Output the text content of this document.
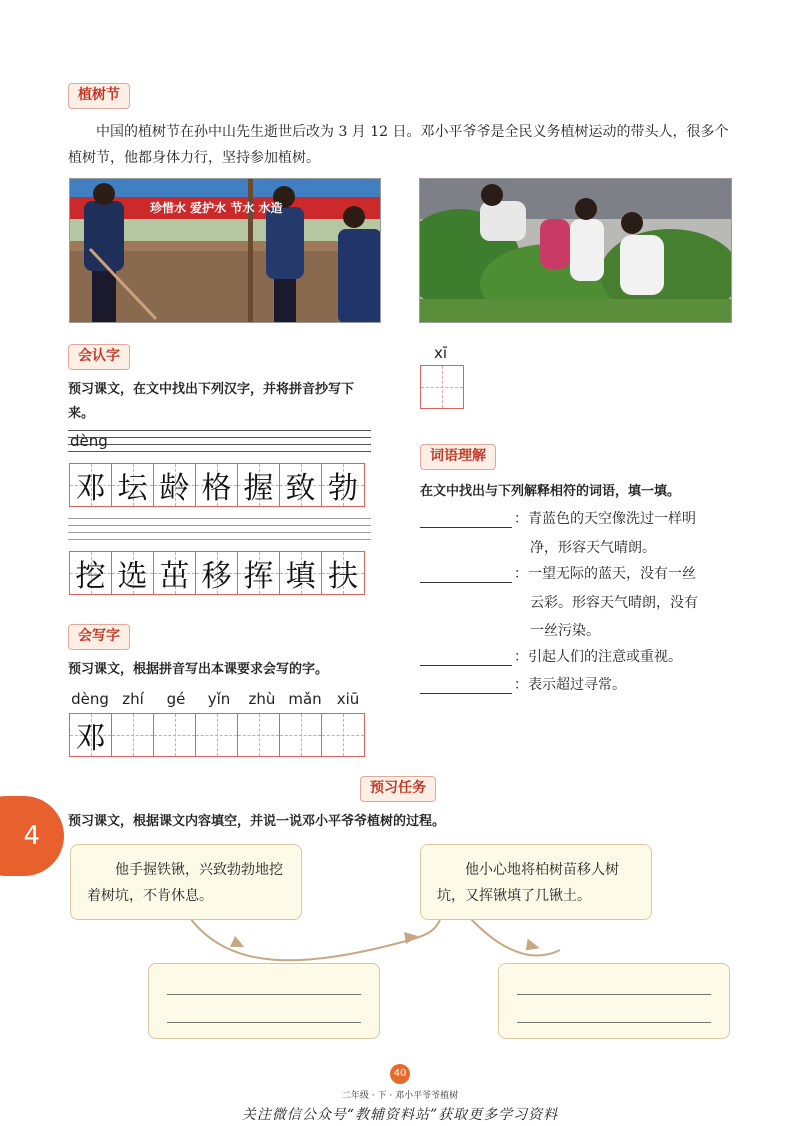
植树节
中国的植树节在孙中山先生逝世后改为 3 月 12 日。邓小平爷爷是全民义务植树运动的带头人，很多个植树节，他都身体力行，坚持参加植树。
珍惜水 爱护水 节水 水造
会认字
预习课文，在文中找出下列汉字，并将拼音抄写下来。
dèng
邓 坛 龄 格 握 致 勃
挖 选 茁 移 挥 填 扶
xī
会写字
预习课文，根据拼音写出本课要求会写的字。
dèng zhí	gé	yǐn	zhù mǎn	xiū
邓
词语理解
在文中找出与下列解释相符的词语，填一填。
：青蓝色的天空像洗过一样明
净，形容天气晴朗。
：一望无际的蓝天，没有一丝
云彩。形容天气晴朗，没有
一丝污染。
：引起人们的注意或重视。
：表示超过寻常。
4
预习任务
预习课文，根据课文内容填空，并说一说邓小平爷爷植树的过程。
他手握铁锹，兴致勃勃地挖着树坑，不肯休息。
他小心地将柏树苗移人树坑，又挥锹填了几锹土。
40
二年级 · 下 · 邓小平爷爷植树
关注微信公众号“教辅资料站”获取更多学习资料
